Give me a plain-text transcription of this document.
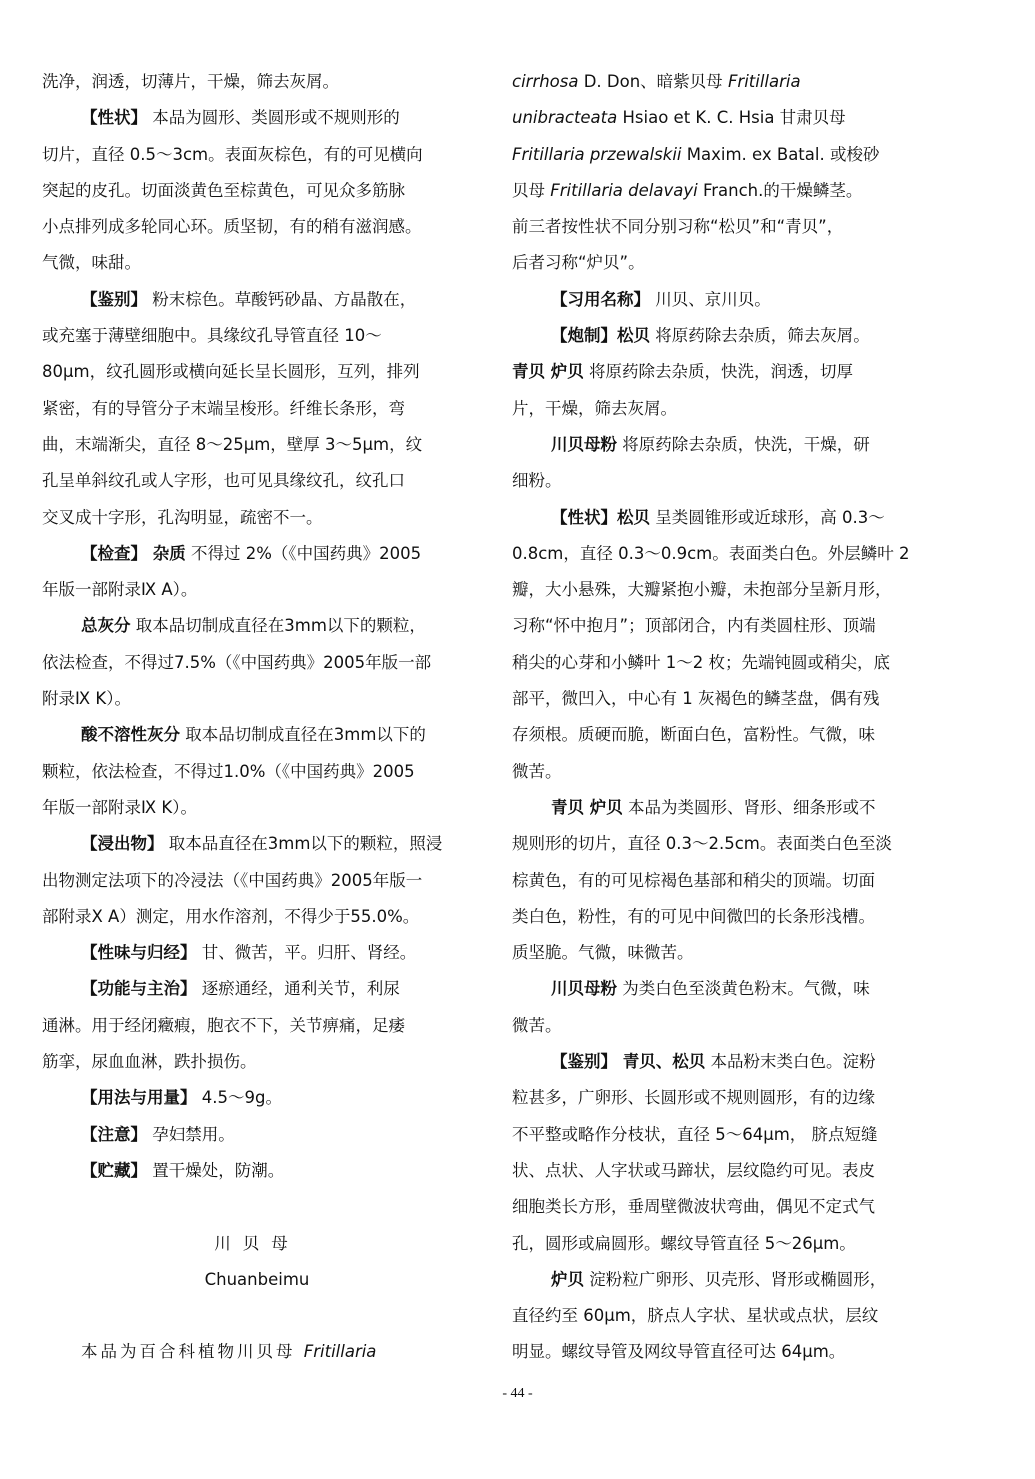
洗净，润透，切薄片，干燥，筛去灰屑。
【性状】 本品为圆形、类圆形或不规则形的
切片，直径 0.5～3cm。表面灰棕色，有的可见横向
突起的皮孔。切面淡黄色至棕黄色，可见众多筋脉
小点排列成多轮同心环。质坚韧，有的稍有滋润感。
气微，味甜。
【鉴别】 粉末棕色。草酸钙砂晶、方晶散在，
或充塞于薄壁细胞中。具缘纹孔导管直径 10～
80μm，纹孔圆形或横向延长呈长圆形，互列，排列
紧密，有的导管分子末端呈梭形。纤维长条形，弯
曲，末端渐尖，直径 8～25μm，壁厚 3～5μm，纹
孔呈单斜纹孔或人字形，也可见具缘纹孔，纹孔口
交叉成十字形，孔沟明显，疏密不一。
【检查】 杂质 不得过 2%（《中国药典》2005
年版一部附录Ⅸ A）。
总灰分 取本品切制成直径在3mm以下的颗粒，
依法检查，不得过7.5%（《中国药典》2005年版一部
附录Ⅸ K）。
酸不溶性灰分 取本品切制成直径在3mm以下的
颗粒，依法检查，不得过1.0%（《中国药典》2005
年版一部附录Ⅸ K）。
【浸出物】 取本品直径在3mm以下的颗粒，照浸
出物测定法项下的冷浸法（《中国药典》2005年版一
部附录Ⅹ A）测定，用水作溶剂，不得少于55.0%。
【性味与归经】 甘、微苦，平。归肝、肾经。
【功能与主治】 逐瘀通经，通利关节，利尿
通淋。用于经闭癥瘕，胞衣不下，关节痹痛，足痿
筋挛，尿血血淋，跌扑损伤。
【用法与用量】 4.5～9g。
【注意】 孕妇禁用。
【贮藏】 置干燥处，防潮。
川贝母
Chuanbeimu
本品为百合科植物川贝母 Fritillaria
cirrhosa D. Don、暗紫贝母 Fritillaria
unibracteata Hsiao et K. C. Hsia 甘肃贝母
Fritillaria przewalskii Maxim. ex Batal. 或梭砂
贝母 Fritillaria delavayi Franch.的干燥鳞茎。
前三者按性状不同分别习称“松贝”和“青贝”，
后者习称“炉贝”。
【习用名称】 川贝、京川贝。
【炮制】松贝 将原药除去杂质，筛去灰屑。
青贝 炉贝 将原药除去杂质，快洗，润透，切厚
片，干燥，筛去灰屑。
川贝母粉 将原药除去杂质，快洗，干燥，研
细粉。
【性状】松贝 呈类圆锥形或近球形，高 0.3～
0.8cm，直径 0.3～0.9cm。表面类白色。外层鳞叶 2
瓣，大小悬殊，大瓣紧抱小瓣，未抱部分呈新月形，
习称“怀中抱月”；顶部闭合，内有类圆柱形、顶端
稍尖的心芽和小鳞叶 1～2 枚；先端钝圆或稍尖，底
部平，微凹入，中心有 1 灰褐色的鳞茎盘，偶有残
存须根。质硬而脆，断面白色，富粉性。气微，味
微苦。
青贝 炉贝 本品为类圆形、肾形、细条形或不
规则形的切片，直径 0.3～2.5cm。表面类白色至淡
棕黄色，有的可见棕褐色基部和稍尖的顶端。切面
类白色，粉性，有的可见中间微凹的长条形浅槽。
质坚脆。气微，味微苦。
川贝母粉 为类白色至淡黄色粉末。气微，味
微苦。
【鉴别】 青贝、松贝 本品粉末类白色。淀粉
粒甚多，广卵形、长圆形或不规则圆形，有的边缘
不平整或略作分枝状，直径 5～64μm， 脐点短缝
状、点状、人字状或马蹄状，层纹隐约可见。表皮
细胞类长方形，垂周壁微波状弯曲，偶见不定式气
孔，圆形或扁圆形。螺纹导管直径 5～26μm。
炉贝 淀粉粒广卵形、贝壳形、肾形或椭圆形，
直径约至 60μm，脐点人字状、星状或点状，层纹
明显。螺纹导管及网纹导管直径可达 64μm。
- 44 -
